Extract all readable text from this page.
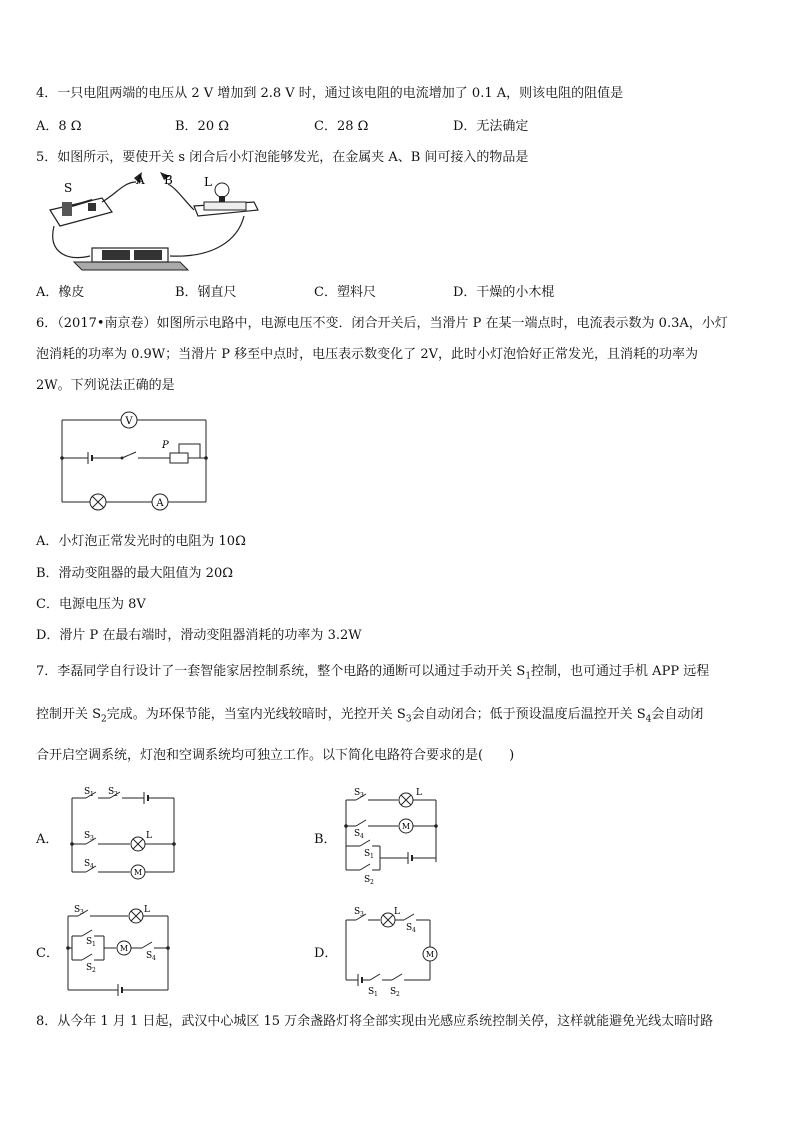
4．一只电阻两端的电压从 2 V 增加到 2.8 V 时，通过该电阻的电流增加了 0.1 A，则该电阻的阻值是
A．8 Ω	B．20 Ω	C．28 Ω	D．无法确定
5．如图所示，要使开关 s 闭合后小灯泡能够发光，在金属夹 A、B 间可接入的物品是
S
A B	L
A．橡皮	B．钢直尺	C．塑料尺	D．干燥的小木棍
6．（2017•南京卷）如图所示电路中，电源电压不变．闭合开关后，当滑片 P 在某一端点时，电流表示数为 0.3A，小灯
泡消耗的功率为 0.9W；当滑片 P 移至中点时，电压表示数变化了 2V，此时小灯泡恰好正常发光，且消耗的功率为
2W。下列说法正确的是
V
P
A
A．小灯泡正常发光时的电阻为 10Ω
B．滑动变阻器的最大阻值为 20Ω
C．电源电压为 8V
D．滑片 P 在最右端时，滑动变阻器消耗的功率为 3.2W
7．李磊同学自行设计了一套智能家居控制系统，整个电路的通断可以通过手动开关 $S_1$控制，也可通过手机 APP 远程
控制开关 $S_2$完成。为环保节能，当室内光线较暗时，光控开关 $S_3$会自动闭合；低于预设温度后温控开关 $S_4$会自动闭
合开启空调系统，灯泡和空调系统均可独立工作。以下简化电路符合要求的是(　　)
A．
S 1 S 2
S 3	L
S 4
M
B．
S 3	L
S 4
M
S 1
S 2
C．
S 3	L
S 1
S 2
M
S 4	D．
S 3	L
S 4
M
S 1 S 2
8．从今年 1 月 1 日起，武汉中心城区 15 万余盏路灯将全部实现由光感应系统控制关停，这样就能避免光线太暗时路
